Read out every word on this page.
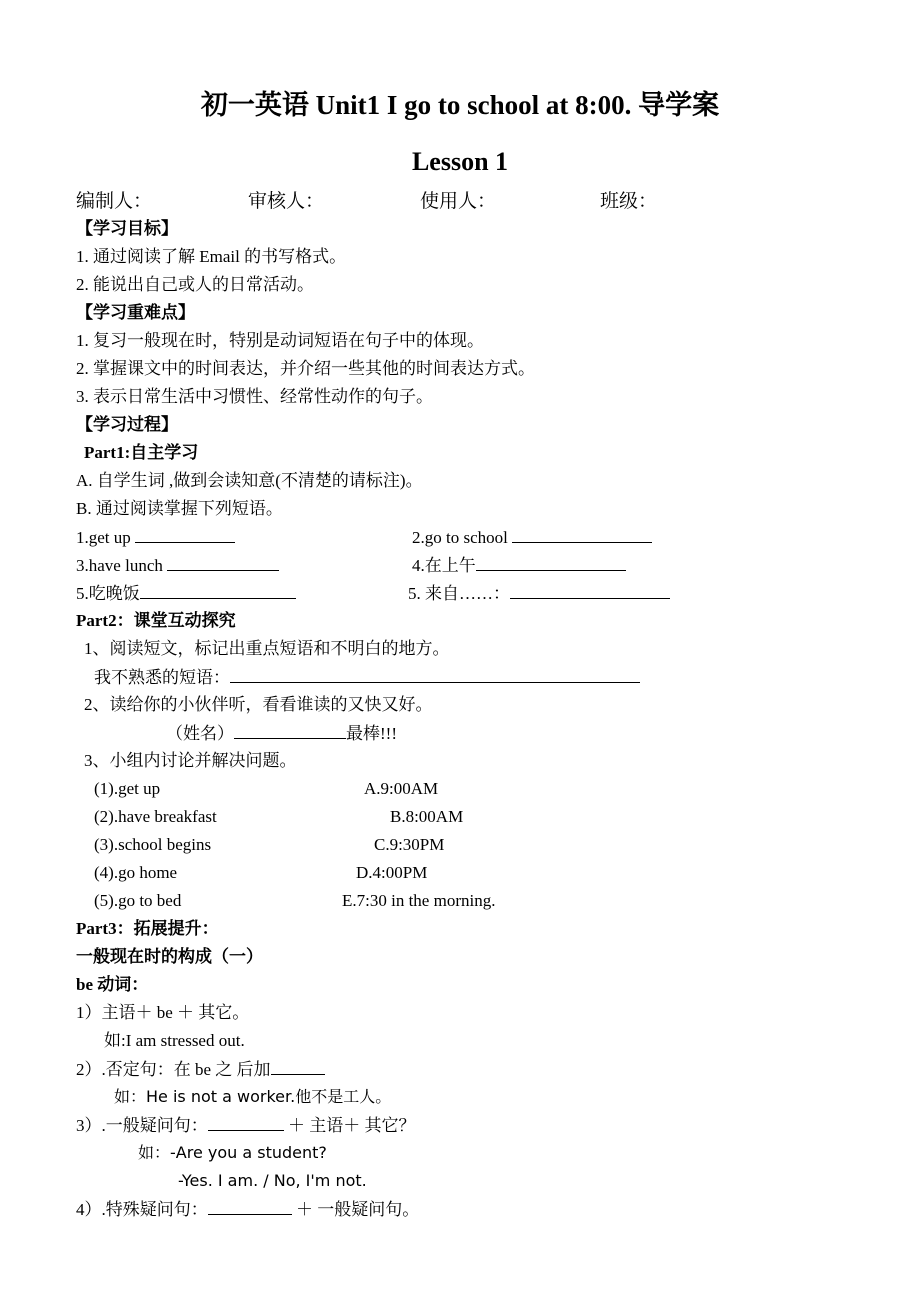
初一英语 Unit1 I go to school at 8:00. 导学案
Lesson 1
编制人：	审核人：	使用人：	班级：
【学习目标】
1. 通过阅读了解 Email 的书写格式。
2. 能说出自己或人的日常活动。
【学习重难点】
1. 复习一般现在时，特别是动词短语在句子中的体现。
2. 掌握课文中的时间表达，并介绍一些其他的时间表达方式。
3. 表示日常生活中习惯性、经常性动作的句子。
【学习过程】
Part1:自主学习
A. 自学生词 ,做到会读知意(不清楚的请标注)。
B. 通过阅读掌握下列短语。
1.get up	2.go to school
3.have lunch	4.在上午
5.吃晚饭	5. 来自……：
Part2：课堂互动探究
1、阅读短文，标记出重点短语和不明白的地方。
我不熟悉的短语：
2、读给你的小伙伴听，看看谁读的又快又好。
（姓名）	最棒!!!
3、小组内讨论并解决问题。
(1).get up	A.9:00AM
(2).have breakfast	B.8:00AM
(3).school begins	C.9:30PM
(4).go home	D.4:00PM
(5).go to bed	E.7:30 in the morning.
Part3：拓展提升：
一般现在时的构成（一）
be 动词：
1）主语＋ be ＋ 其它。
如:I am stressed out.
2）.否定句：在 be 之 后加
如：He is not a worker.他不是工人。
3）.一般疑问句：	＋ 主语＋ 其它？
如：-Are you a student?
-Yes. I am. / No, I'm not.
4）.特殊疑问句：	＋ 一般疑问句。
